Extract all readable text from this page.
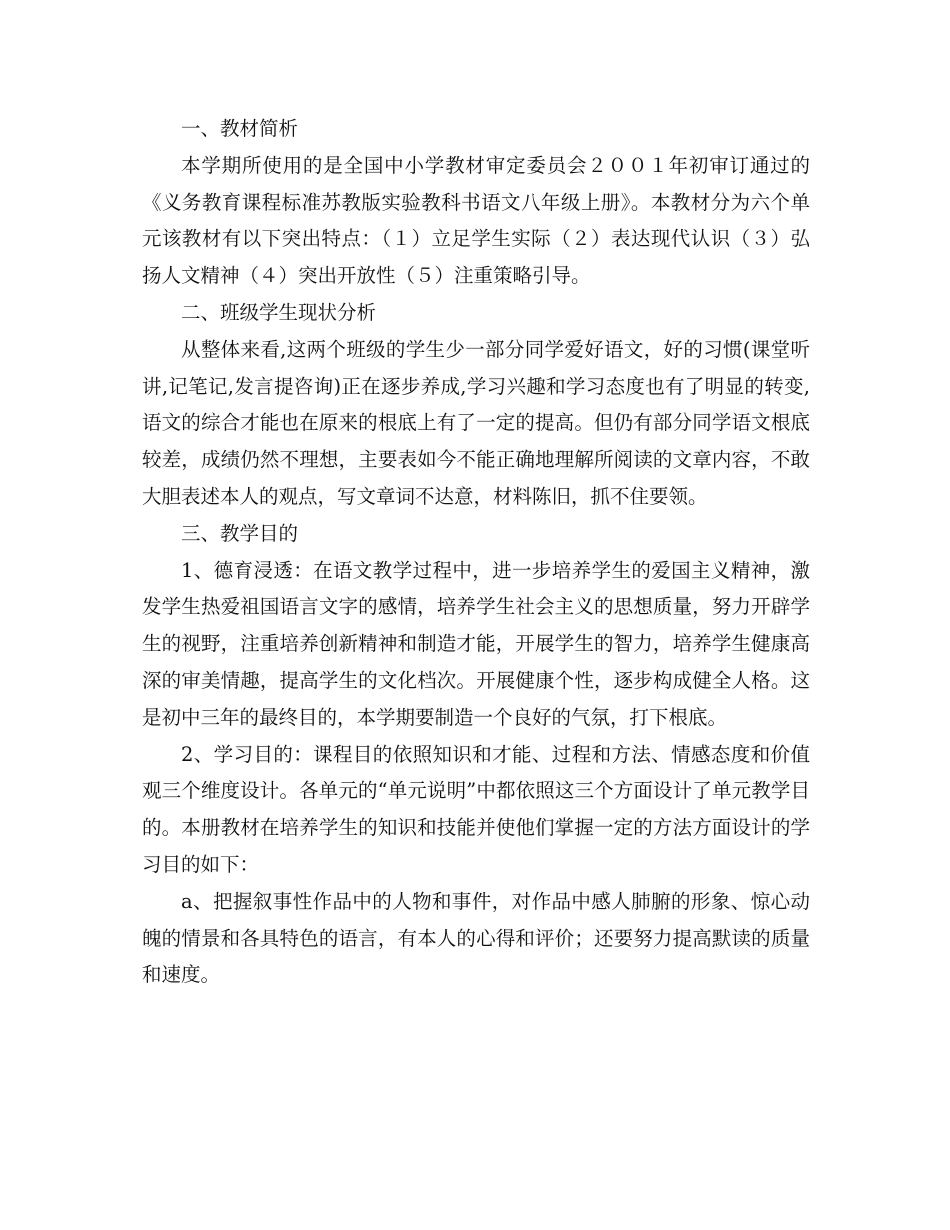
一、教材简析

本学期所使用的是全国中小学教材审定委员会２００１年初审订通过的《义务教育课程标准苏教版实验教科书语文八年级上册》。本教材分为六个单元该教材有以下突出特点：（１）立足学生实际（２）表达现代认识（３）弘扬人文精神（４）突出开放性（５）注重策略引导。

二、班级学生现状分析

从整体来看,这两个班级的学生少一部分同学爱好语文，好的习惯(课堂听讲,记笔记,发言提咨询)正在逐步养成,学习兴趣和学习态度也有了明显的转变,语文的综合才能也在原来的根底上有了一定的提高。但仍有部分同学语文根底较差，成绩仍然不理想，主要表如今不能正确地理解所阅读的文章内容，不敢大胆表述本人的观点，写文章词不达意，材料陈旧，抓不住要领。

三、教学目的

1、德育浸透：在语文教学过程中，进一步培养学生的爱国主义精神，激发学生热爱祖国语言文字的感情，培养学生社会主义的思想质量，努力开辟学生的视野，注重培养创新精神和制造才能，开展学生的智力，培养学生健康高深的审美情趣，提高学生的文化档次。开展健康个性，逐步构成健全人格。这是初中三年的最终目的，本学期要制造一个良好的气氛，打下根底。

2、学习目的：课程目的依照知识和才能、过程和方法、情感态度和价值观三个维度设计。各单元的“单元说明”中都依照这三个方面设计了单元教学目的。本册教材在培养学生的知识和技能并使他们掌握一定的方法方面设计的学习目的如下：

a、把握叙事性作品中的人物和事件，对作品中感人肺腑的形象、惊心动魄的情景和各具特色的语言，有本人的心得和评价；还要努力提高默读的质量和速度。
